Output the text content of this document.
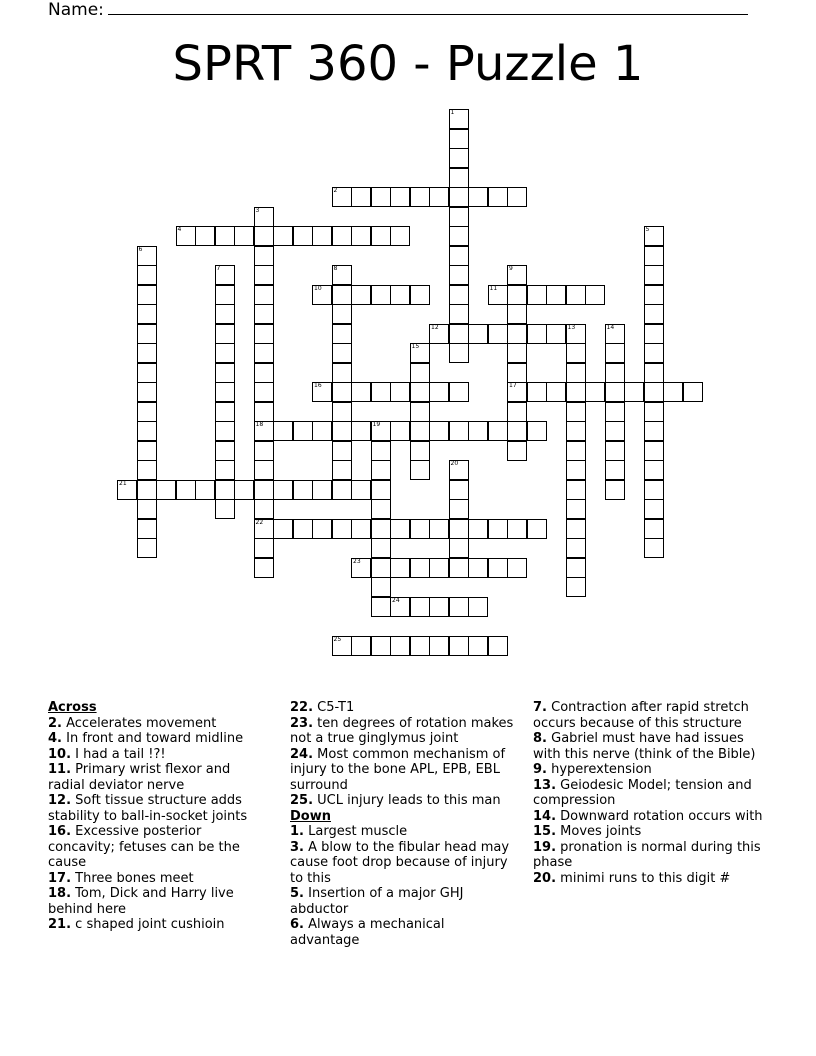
Name:
SPRT 360 - Puzzle 1
1
2
3
18
22
4	5
6
7	8	9
17
10	11
12	13	14
15
16
19
20
21
23
24
25
Across
2. Accelerates movement
4. In front and toward midline
10. I had a tail !?!
11. Primary wrist flexor and radial deviator nerve
12. Soft tissue structure adds stability to ball-in-socket joints
16. Excessive posterior concavity; fetuses can be the cause
17. Three bones meet
18. Tom, Dick and Harry live behind here
21. c shaped joint cushioin
22. C5-T1
23. ten degrees of rotation makes not a true ginglymus joint
24. Most common mechanism of injury to the bone APL, EPB, EBL surround
25. UCL injury leads to this man
Down
1. Largest muscle
3. A blow to the fibular head may cause foot drop because of injury to this
5. Insertion of a major GHJ abductor
6. Always a mechanical advantage
7. Contraction after rapid stretch occurs because of this structure
8. Gabriel must have had issues with this nerve (think of the Bible)
9. hyperextension
13. Geiodesic Model; tension and compression
14. Downward rotation occurs with
15. Moves joints
19. pronation is normal during this phase
20. minimi runs to this digit #
